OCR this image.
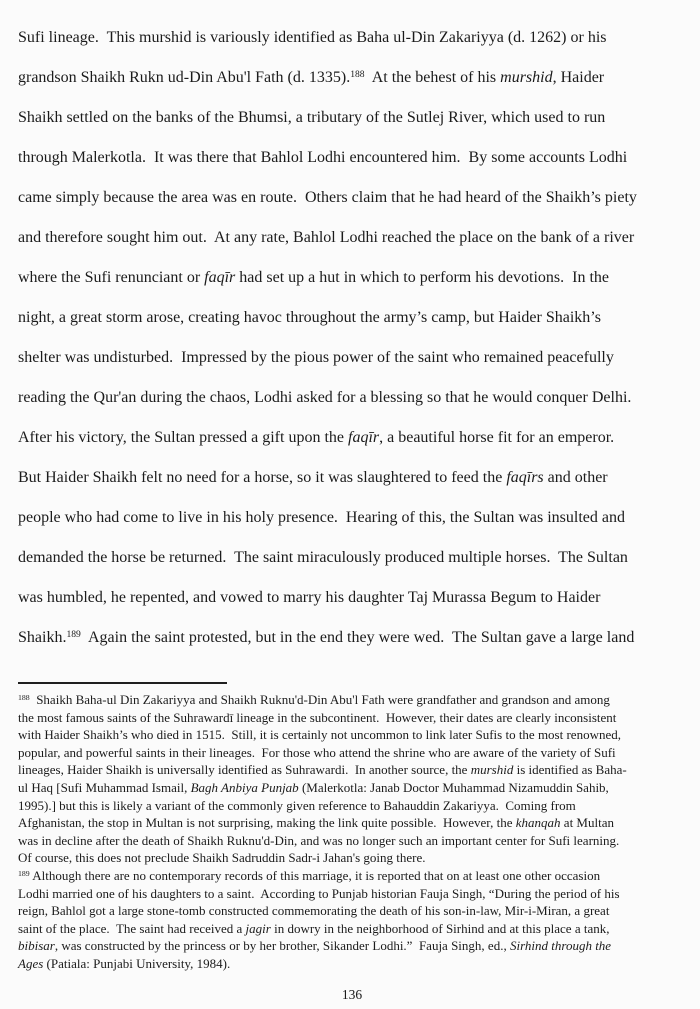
Sufi lineage.  This murshid is variously identified as Baha ul-Din Zakariyya (d. 1262) or his
grandson Shaikh Rukn ud-Din Abu'l Fath (d. 1335).$^{188}$  At the behest of his murshid, Haider
Shaikh settled on the banks of the Bhumsi, a tributary of the Sutlej River, which used to run
through Malerkotla.  It was there that Bahlol Lodhi encountered him.  By some accounts Lodhi
came simply because the area was en route.  Others claim that he had heard of the Shaikh’s piety
and therefore sought him out.  At any rate, Bahlol Lodhi reached the place on the bank of a river
where the Sufi renunciant or faqīr had set up a hut in which to perform his devotions.  In the
night, a great storm arose, creating havoc throughout the army’s camp, but Haider Shaikh’s
shelter was undisturbed.  Impressed by the pious power of the saint who remained peacefully
reading the Qur'an during the chaos, Lodhi asked for a blessing so that he would conquer Delhi.
After his victory, the Sultan pressed a gift upon the faqīr, a beautiful horse fit for an emperor.
But Haider Shaikh felt no need for a horse, so it was slaughtered to feed the faqīrs and other
people who had come to live in his holy presence.  Hearing of this, the Sultan was insulted and
demanded the horse be returned.  The saint miraculously produced multiple horses.  The Sultan
was humbled, he repented, and vowed to marry his daughter Taj Murassa Begum to Haider
Shaikh.$^{189}$  Again the saint protested, but in the end they were wed.  The Sultan gave a large land
$^{188}$  Shaikh Baha-ul Din Zakariyya and Shaikh Ruknu'd-Din Abu'l Fath were grandfather and grandson and among
the most famous saints of the Suhrawardī lineage in the subcontinent.  However, their dates are clearly inconsistent
with Haider Shaikh’s who died in 1515.  Still, it is certainly not uncommon to link later Sufis to the most renowned,
popular, and powerful saints in their lineages.  For those who attend the shrine who are aware of the variety of Sufi
lineages, Haider Shaikh is universally identified as Suhrawardi.  In another source, the murshid is identified as Baha-
ul Haq [Sufi Muhammad Ismail, Bagh Anbiya Punjab (Malerkotla: Janab Doctor Muhammad Nizamuddin Sahib,
1995).] but this is likely a variant of the commonly given reference to Bahauddin Zakariyya.  Coming from
Afghanistan, the stop in Multan is not surprising, making the link quite possible.  However, the khanqah at Multan
was in decline after the death of Shaikh Ruknu'd-Din, and was no longer such an important center for Sufi learning.
Of course, this does not preclude Shaikh Sadruddin Sadr-i Jahan's going there.
$^{189}$ Although there are no contemporary records of this marriage, it is reported that on at least one other occasion
Lodhi married one of his daughters to a saint.  According to Punjab historian Fauja Singh, “During the period of his
reign, Bahlol got a large stone-tomb constructed commemorating the death of his son-in-law, Mir-i-Miran, a great
saint of the place.  The saint had received a jagir in dowry in the neighborhood of Sirhind and at this place a tank,
bibisar, was constructed by the princess or by her brother, Sikander Lodhi.”  Fauja Singh, ed., Sirhind through the
Ages (Patiala: Punjabi University, 1984).
136
